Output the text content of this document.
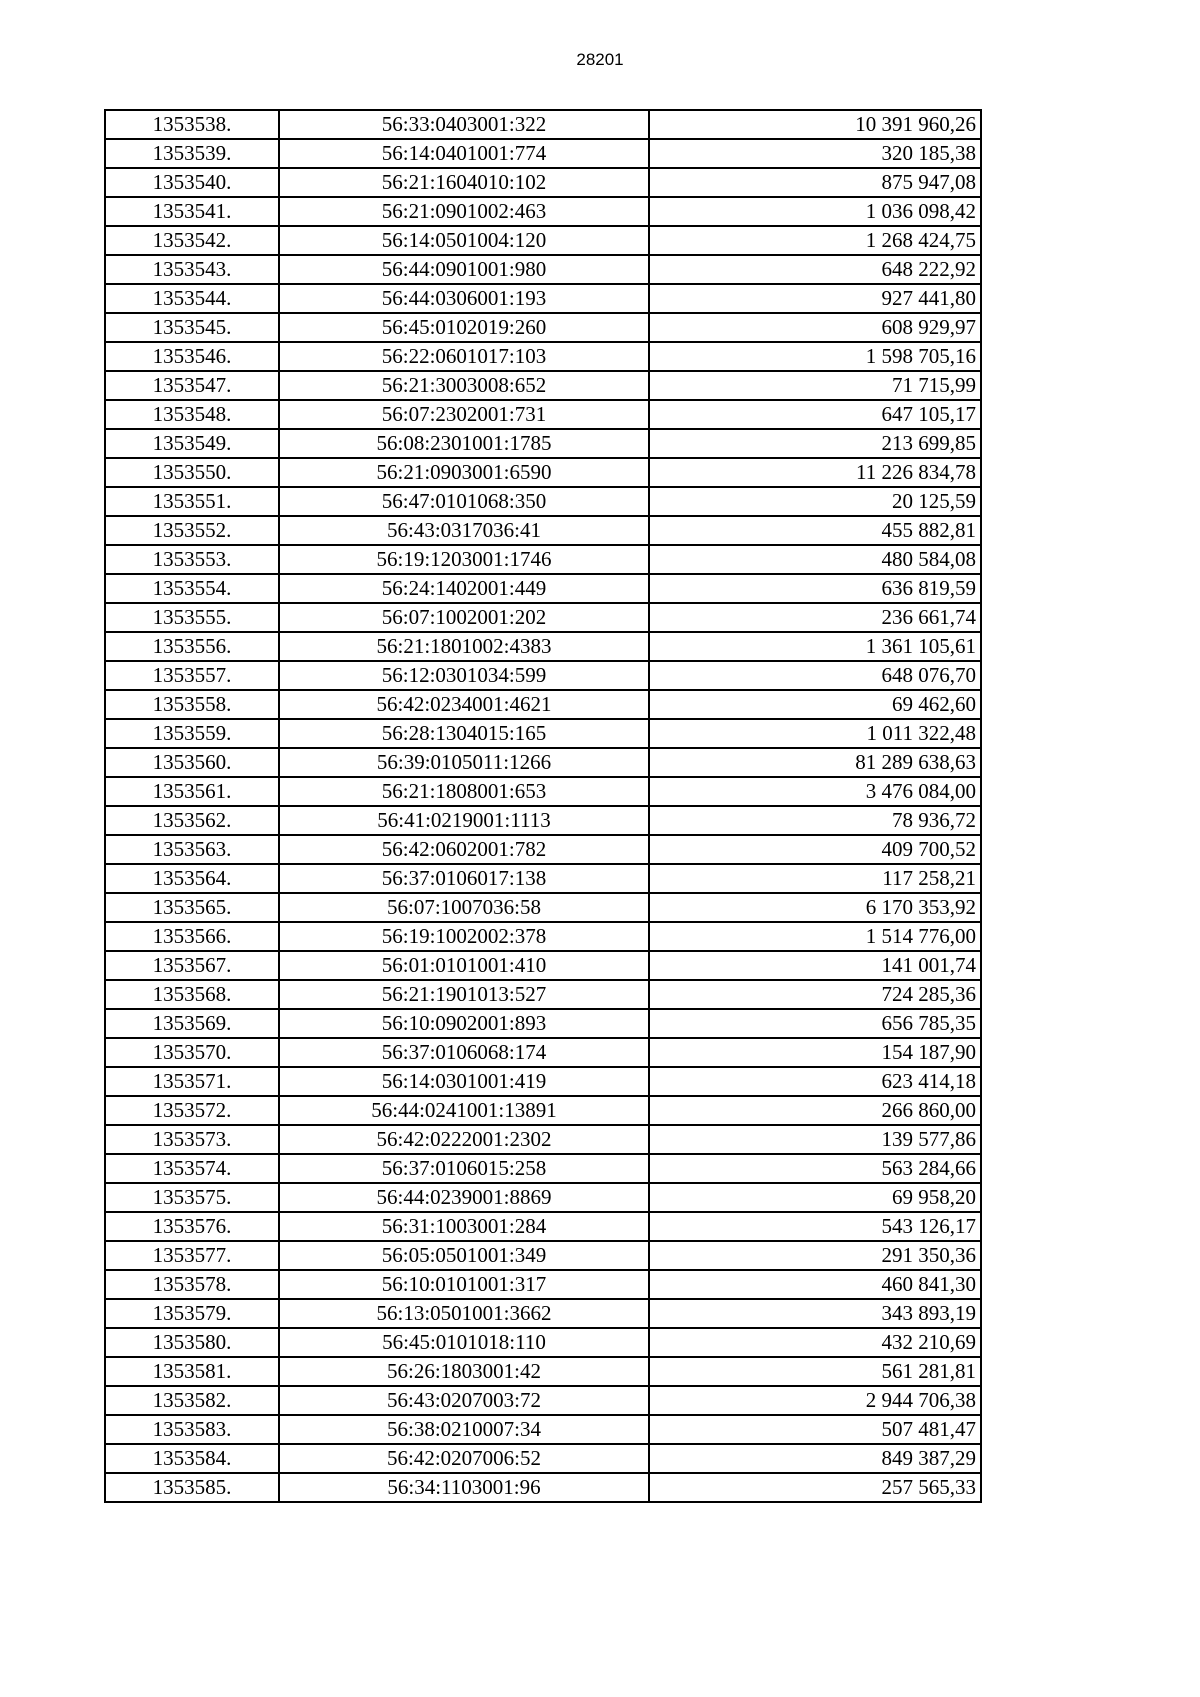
28201
1353538.	56:33:0403001:322	10 391 960,26
1353539.	56:14:0401001:774	320 185,38
1353540.	56:21:1604010:102	875 947,08
1353541.	56:21:0901002:463	1 036 098,42
1353542.	56:14:0501004:120	1 268 424,75
1353543.	56:44:0901001:980	648 222,92
1353544.	56:44:0306001:193	927 441,80
1353545.	56:45:0102019:260	608 929,97
1353546.	56:22:0601017:103	1 598 705,16
1353547.	56:21:3003008:652	71 715,99
1353548.	56:07:2302001:731	647 105,17
1353549.	56:08:2301001:1785	213 699,85
1353550.	56:21:0903001:6590	11 226 834,78
1353551.	56:47:0101068:350	20 125,59
1353552.	56:43:0317036:41	455 882,81
1353553.	56:19:1203001:1746	480 584,08
1353554.	56:24:1402001:449	636 819,59
1353555.	56:07:1002001:202	236 661,74
1353556.	56:21:1801002:4383	1 361 105,61
1353557.	56:12:0301034:599	648 076,70
1353558.	56:42:0234001:4621	69 462,60
1353559.	56:28:1304015:165	1 011 322,48
1353560.	56:39:0105011:1266	81 289 638,63
1353561.	56:21:1808001:653	3 476 084,00
1353562.	56:41:0219001:1113	78 936,72
1353563.	56:42:0602001:782	409 700,52
1353564.	56:37:0106017:138	117 258,21
1353565.	56:07:1007036:58	6 170 353,92
1353566.	56:19:1002002:378	1 514 776,00
1353567.	56:01:0101001:410	141 001,74
1353568.	56:21:1901013:527	724 285,36
1353569.	56:10:0902001:893	656 785,35
1353570.	56:37:0106068:174	154 187,90
1353571.	56:14:0301001:419	623 414,18
1353572.	56:44:0241001:13891	266 860,00
1353573.	56:42:0222001:2302	139 577,86
1353574.	56:37:0106015:258	563 284,66
1353575.	56:44:0239001:8869	69 958,20
1353576.	56:31:1003001:284	543 126,17
1353577.	56:05:0501001:349	291 350,36
1353578.	56:10:0101001:317	460 841,30
1353579.	56:13:0501001:3662	343 893,19
1353580.	56:45:0101018:110	432 210,69
1353581.	56:26:1803001:42	561 281,81
1353582.	56:43:0207003:72	2 944 706,38
1353583.	56:38:0210007:34	507 481,47
1353584.	56:42:0207006:52	849 387,29
1353585.	56:34:1103001:96	257 565,33
